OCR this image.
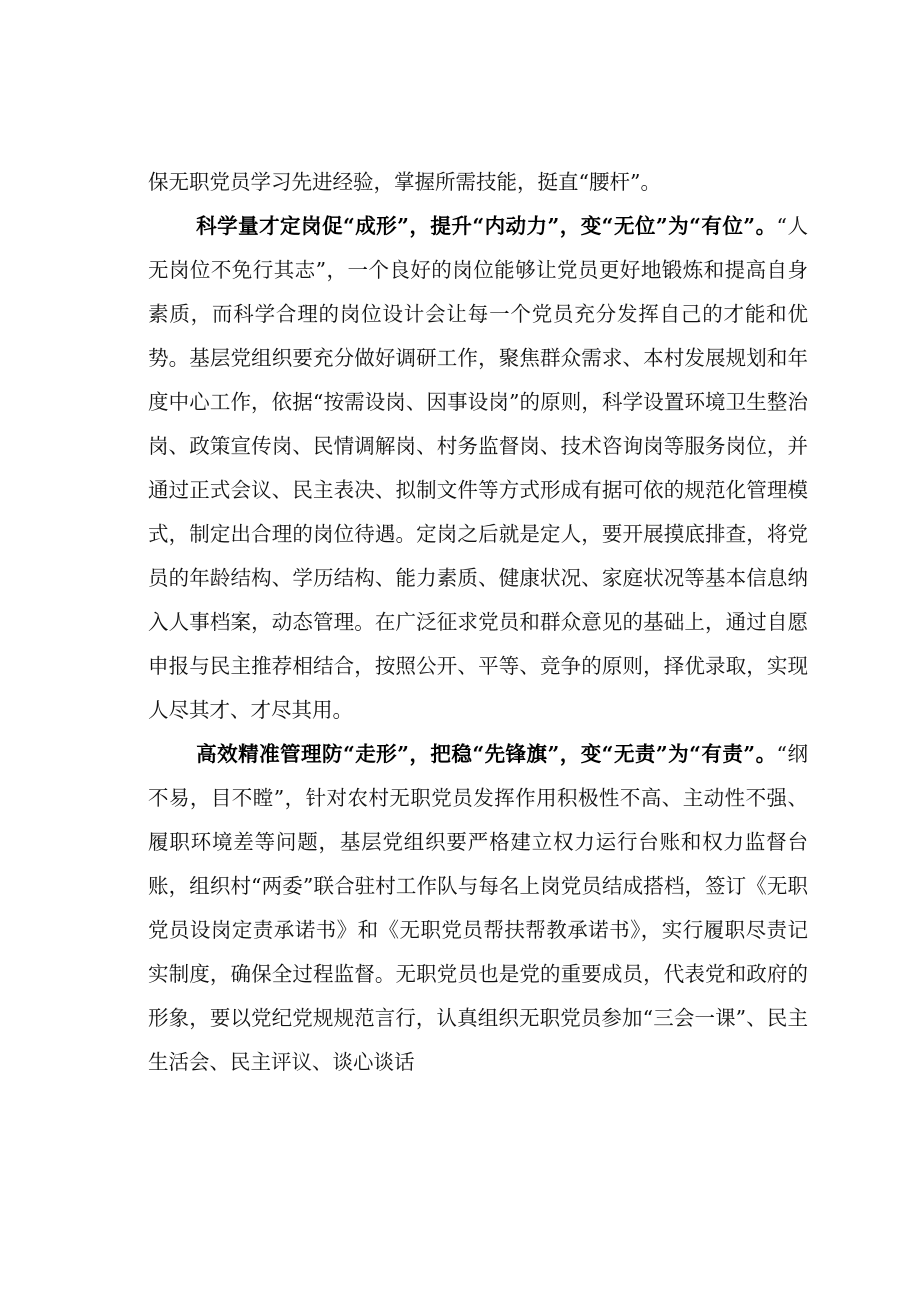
保无职党员学习先进经验，掌握所需技能，挺直“腰杆”。

科学量才定岗促“成形”，提升“内动力”，变“无位”为“有位”。“人无岗位不免行其志”，一个良好的岗位能够让党员更好地锻炼和提高自身素质，而科学合理的岗位设计会让每一个党员充分发挥自己的才能和优势。基层党组织要充分做好调研工作，聚焦群众需求、本村发展规划和年度中心工作，依据“按需设岗、因事设岗”的原则，科学设置环境卫生整治岗、政策宣传岗、民情调解岗、村务监督岗、技术咨询岗等服务岗位，并通过正式会议、民主表决、拟制文件等方式形成有据可依的规范化管理模式，制定出合理的岗位待遇。定岗之后就是定人，要开展摸底排查，将党员的年龄结构、学历结构、能力素质、健康状况、家庭状况等基本信息纳入人事档案，动态管理。在广泛征求党员和群众意见的基础上，通过自愿申报与民主推荐相结合，按照公开、平等、竞争的原则，择优录取，实现人尽其才、才尽其用。

高效精准管理防“走形”，把稳“先锋旗”，变“无责”为“有责”。“纲不易，目不瞠”，针对农村无职党员发挥作用积极性不高、主动性不强、履职环境差等问题，基层党组织要严格建立权力运行台账和权力监督台账，组织村“两委”联合驻村工作队与每名上岗党员结成搭档，签订《无职党员设岗定责承诺书》和《无职党员帮扶帮教承诺书》，实行履职尽责记实制度，确保全过程监督。无职党员也是党的重要成员，代表党和政府的形象，要以党纪党规规范言行，认真组织无职党员参加“三会一课”、民主生活会、民主评议、谈心谈话
